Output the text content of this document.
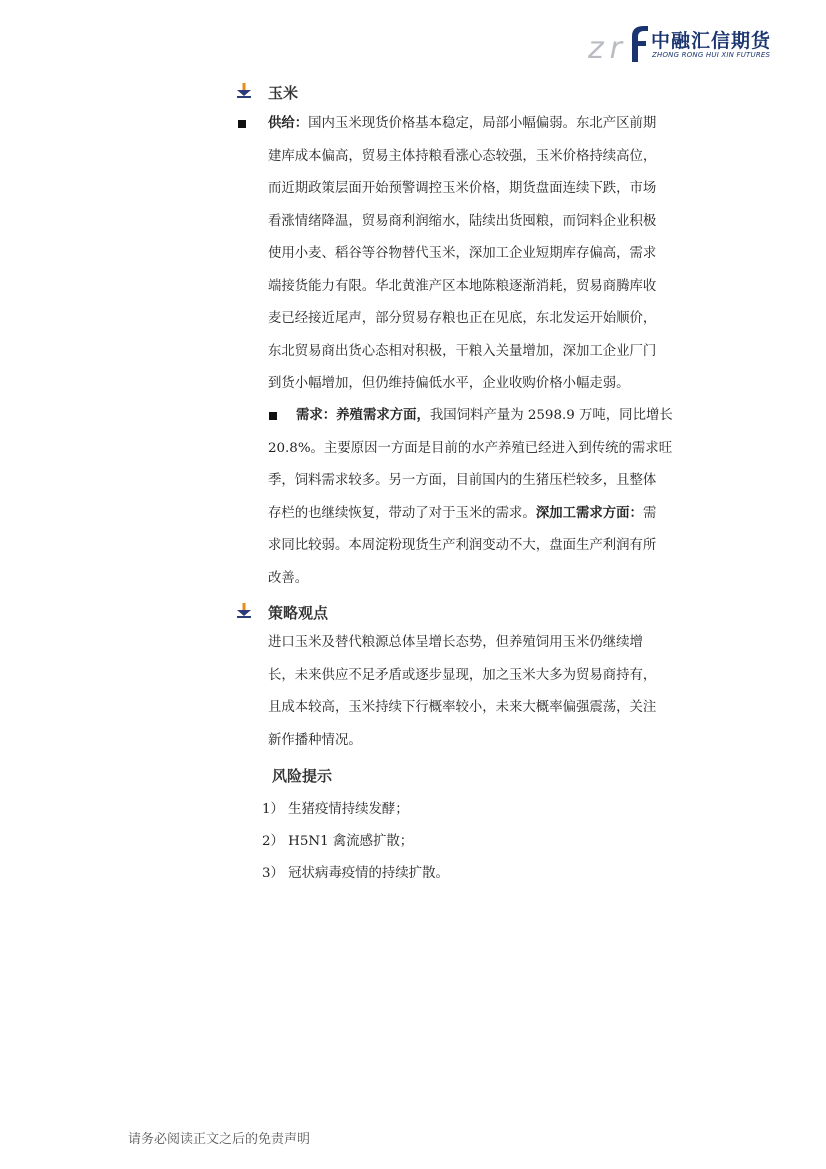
zr 中融汇信期货
ZHONG RONG HUI XIN FUTURES
玉米
供给：国内玉米现货价格基本稳定，局部小幅偏弱。东北产区前期
建库成本偏高，贸易主体持粮看涨心态较强，玉米价格持续高位，
而近期政策层面开始预警调控玉米价格，期货盘面连续下跌，市场
看涨情绪降温，贸易商利润缩水，陆续出货囤粮，而饲料企业积极
使用小麦、稻谷等谷物替代玉米，深加工企业短期库存偏高，需求
端接货能力有限。华北黄淮产区本地陈粮逐渐消耗，贸易商腾库收
麦已经接近尾声，部分贸易存粮也正在见底，东北发运开始顺价，
东北贸易商出货心态相对积极，干粮入关量增加，深加工企业厂门
到货小幅增加，但仍维持偏低水平，企业收购价格小幅走弱。
需求：养殖需求方面，我国饲料产量为 2598.9 万吨，同比增长
20.8%。主要原因一方面是目前的水产养殖已经进入到传统的需求旺
季，饲料需求较多。另一方面，目前国内的生猪压栏较多，且整体
存栏的也继续恢复，带动了对于玉米的需求。深加工需求方面：需
求同比较弱。本周淀粉现货生产利润变动不大，盘面生产利润有所
改善。
策略观点
进口玉米及替代粮源总体呈增长态势，但养殖饲用玉米仍继续增
长，未来供应不足矛盾或逐步显现，加之玉米大多为贸易商持有，
且成本较高，玉米持续下行概率较小，未来大概率偏强震荡，关注
新作播种情况。
风险提示
1） 生猪疫情持续发酵；
2） H5N1 禽流感扩散；
3） 冠状病毒疫情的持续扩散。
请务必阅读正文之后的免责声明
